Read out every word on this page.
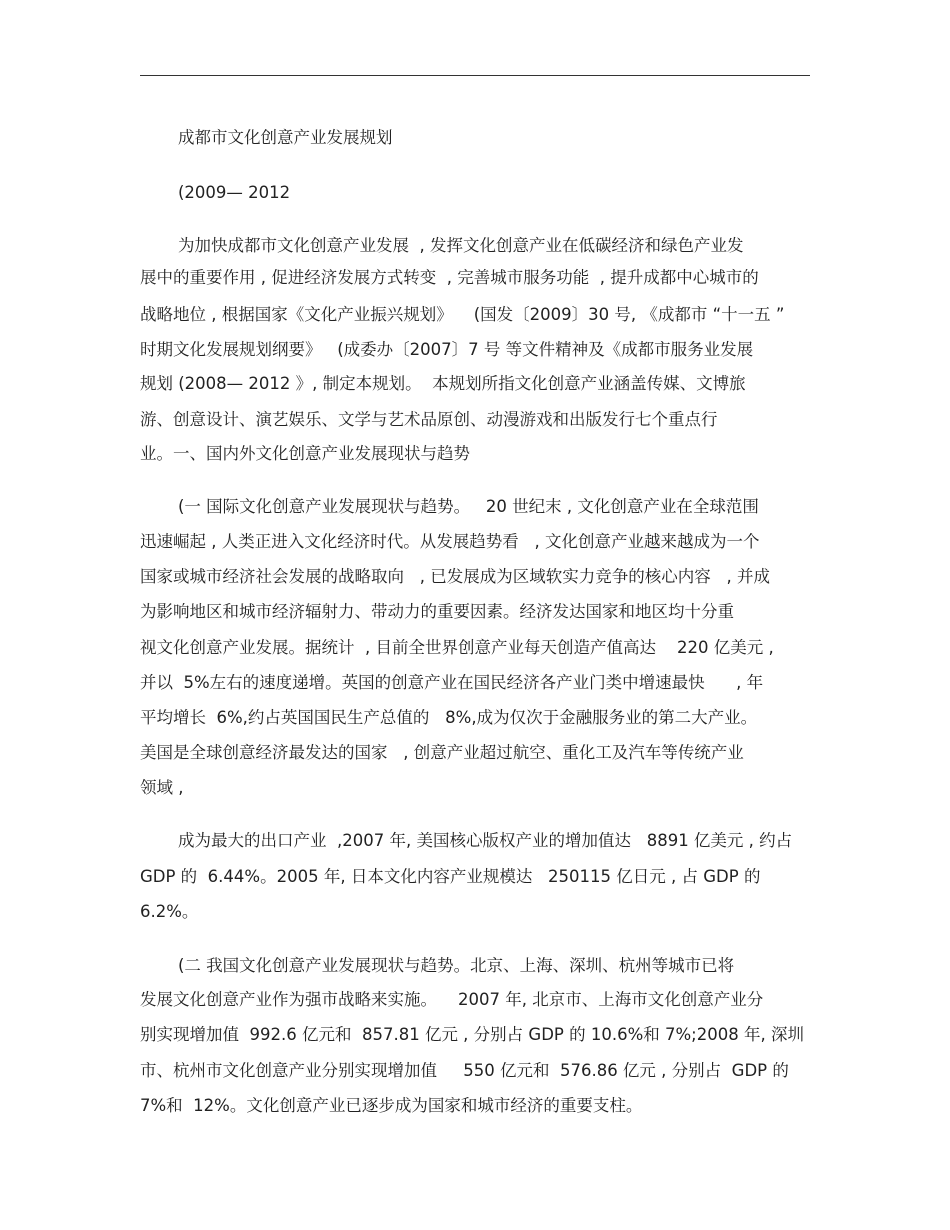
成都市文化创意产业发展规划
(2009— 2012
为加快成都市文化创意产业发展  , 发挥文化创意产业在低碳经济和绿色产业发
展中的重要作用 , 促进经济发展方式转变  , 完善城市服务功能  , 提升成都中心城市的
战略地位 , 根据国家《文化产业振兴规划》    (国发〔2009〕30 号, 《成都市 “十一五 ”
时期文化发展规划纲要》   (成委办〔2007〕7 号 等文件精神及《成都市服务业发展
规划 (2008— 2012 》, 制定本规划。  本规划所指文化创意产业涵盖传媒、文博旅
游、创意设计、演艺娱乐、文学与艺术品原创、动漫游戏和出版发行七个重点行
业。一、国内外文化创意产业发展现状与趋势
(一 国际文化创意产业发展现状与趋势。   20 世纪末 , 文化创意产业在全球范围
迅速崛起 , 人类正进入文化经济时代。从发展趋势看   , 文化创意产业越来越成为一个
国家或城市经济社会发展的战略取向   , 已发展成为区域软实力竞争的核心内容   , 并成
为影响地区和城市经济辐射力、带动力的重要因素。经济发达国家和地区均十分重
视文化创意产业发展。据统计  , 目前全世界创意产业每天创造产值高达    220 亿美元 ,
并以  5%左右的速度递增。英国的创意产业在国民经济各产业门类中增速最快      , 年
平均增长  6%,约占英国国民生产总值的   8%,成为仅次于金融服务业的第二大产业。
美国是全球创意经济最发达的国家   , 创意产业超过航空、重化工及汽车等传统产业
领域 ,
成为最大的出口产业  ,2007 年, 美国核心版权产业的增加值达   8891 亿美元 , 约占
GDP 的  6.44%。2005 年, 日本文化内容产业规模达   250115 亿日元 , 占 GDP 的
6.2%。
(二 我国文化创意产业发展现状与趋势。北京、上海、深圳、杭州等城市已将
发展文化创意产业作为强市战略来实施。    2007 年, 北京市、上海市文化创意产业分
别实现增加值  992.6 亿元和  857.81 亿元 , 分别占 GDP 的 10.6%和 7%;2008 年, 深圳
市、杭州市文化创意产业分别实现增加值     550 亿元和  576.86 亿元 , 分别占  GDP 的
7%和  12%。文化创意产业已逐步成为国家和城市经济的重要支柱。
